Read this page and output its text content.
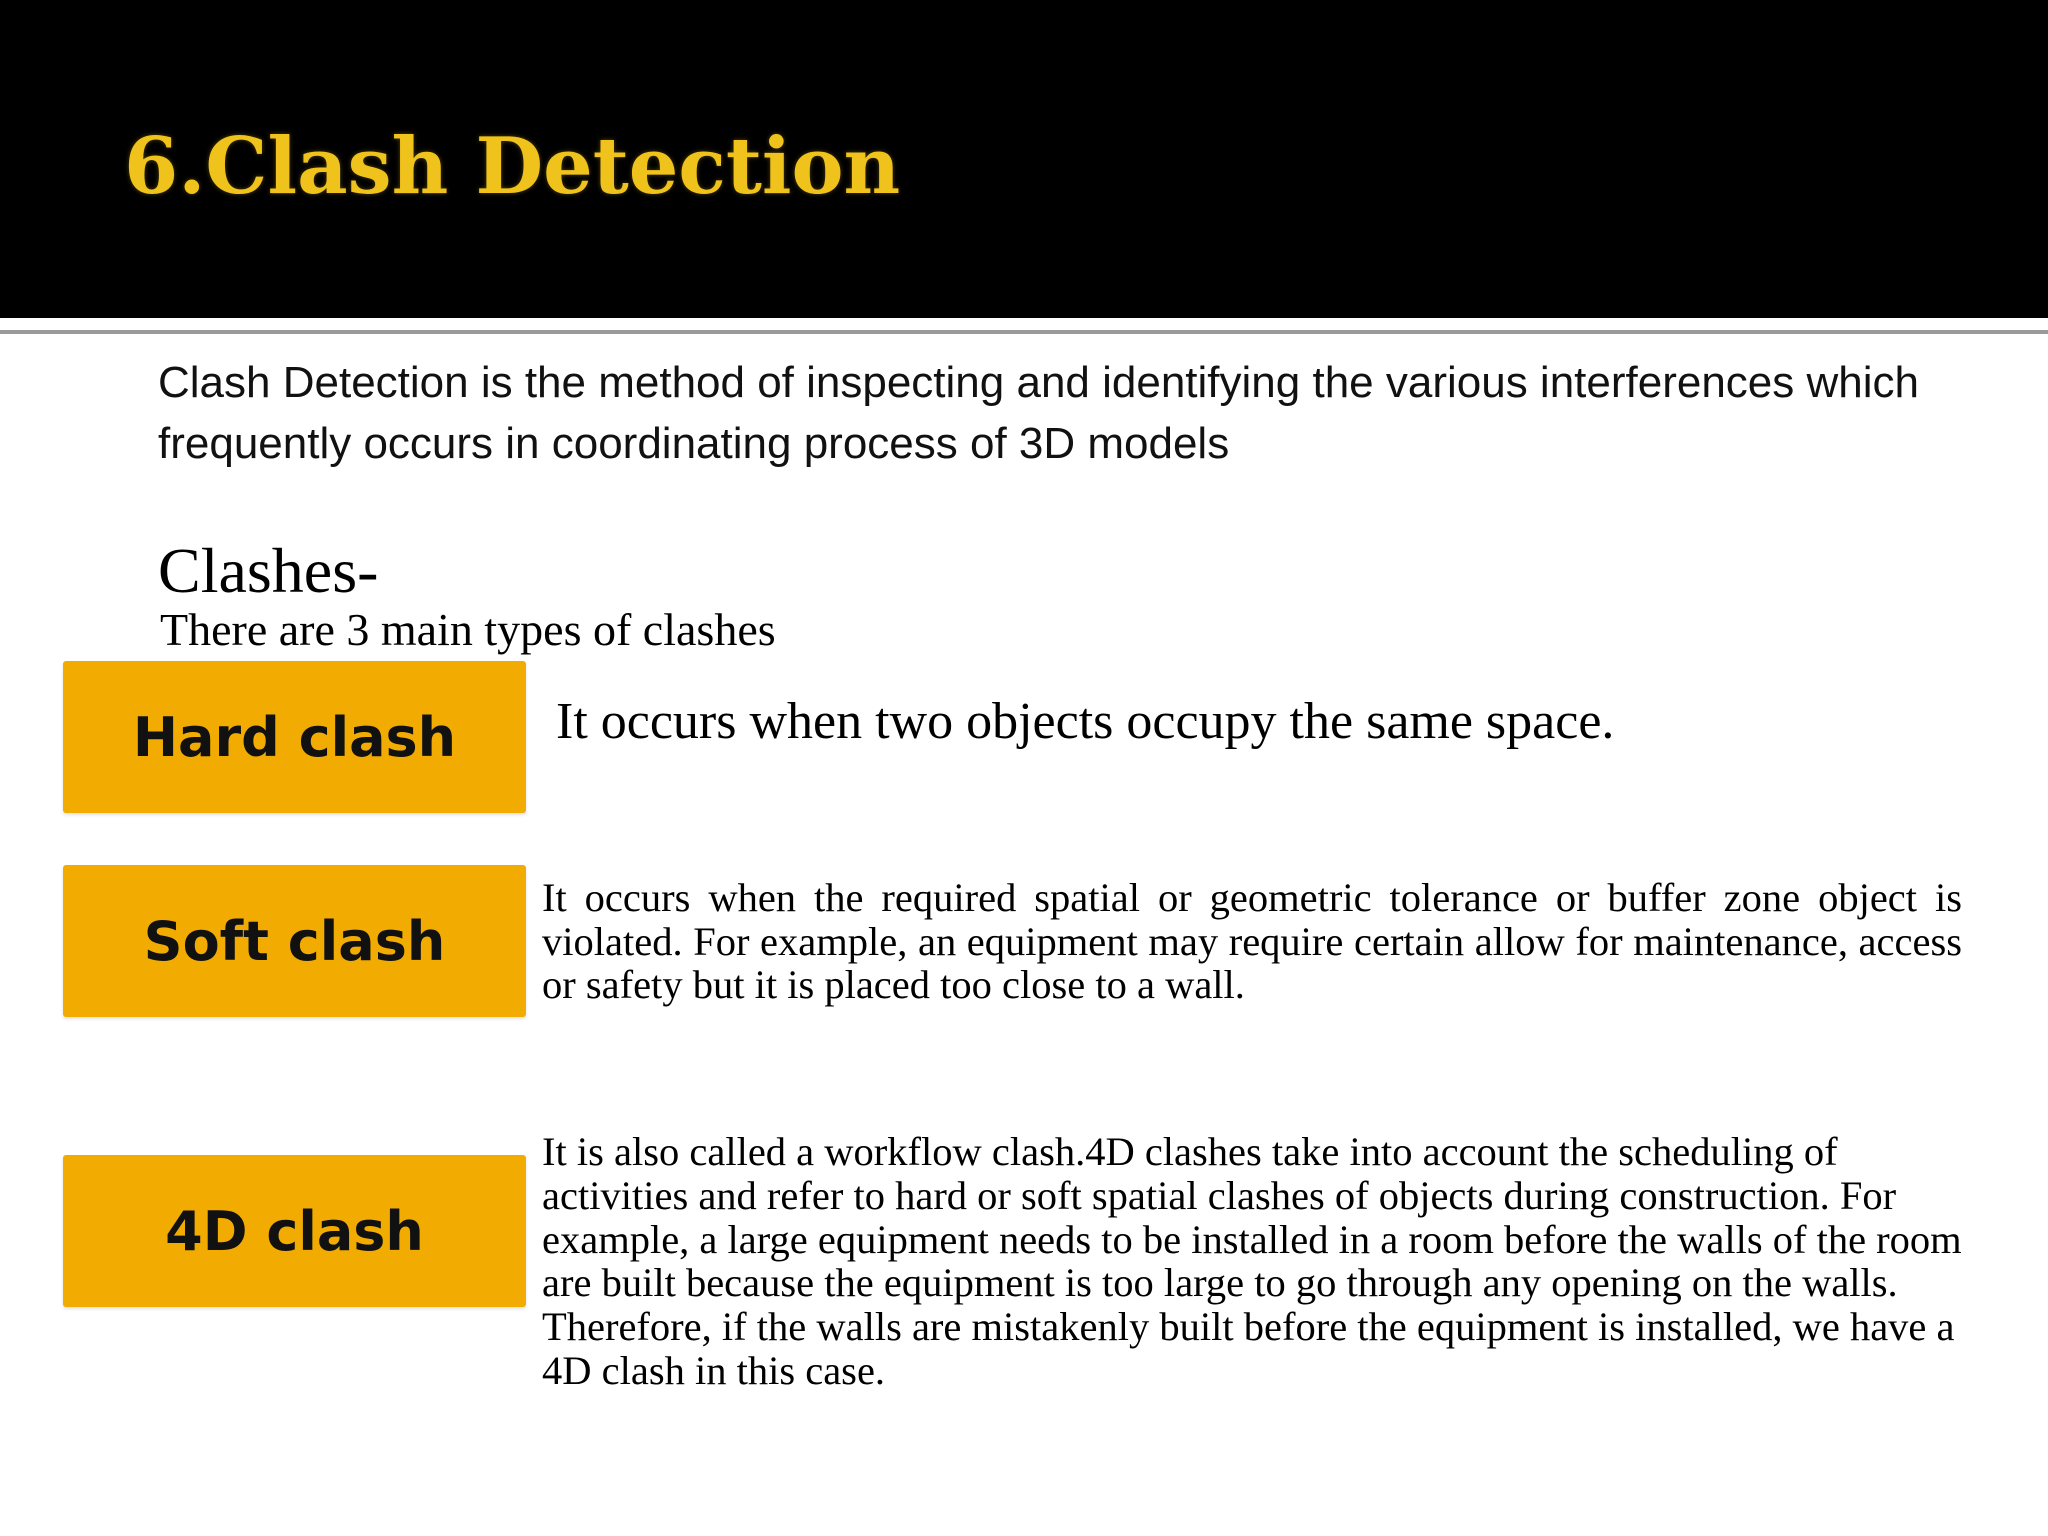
6.Clash Detection

Clash Detection is the method of inspecting and identifying the various interferences which frequently occurs in coordinating process of 3D models

Clashes-

There are 3 main types of clashes

Hard clash It occurs when two objects occupy the same space.

Soft clash

It occurs when the required spatial or geometric tolerance or buffer zone object is violated. For example, an equipment may require certain allow for maintenance, access or safety but it is placed too close to a wall.

4D clash

It is also called a workflow clash.4D clashes take into account the scheduling of activities and refer to hard or soft spatial clashes of objects during construction. For example, a large equipment needs to be installed in a room before the walls of the room are built because the equipment is too large to go through any opening on the walls. Therefore, if the walls are mistakenly built before the equipment is installed, we have a 4D clash in this case.
